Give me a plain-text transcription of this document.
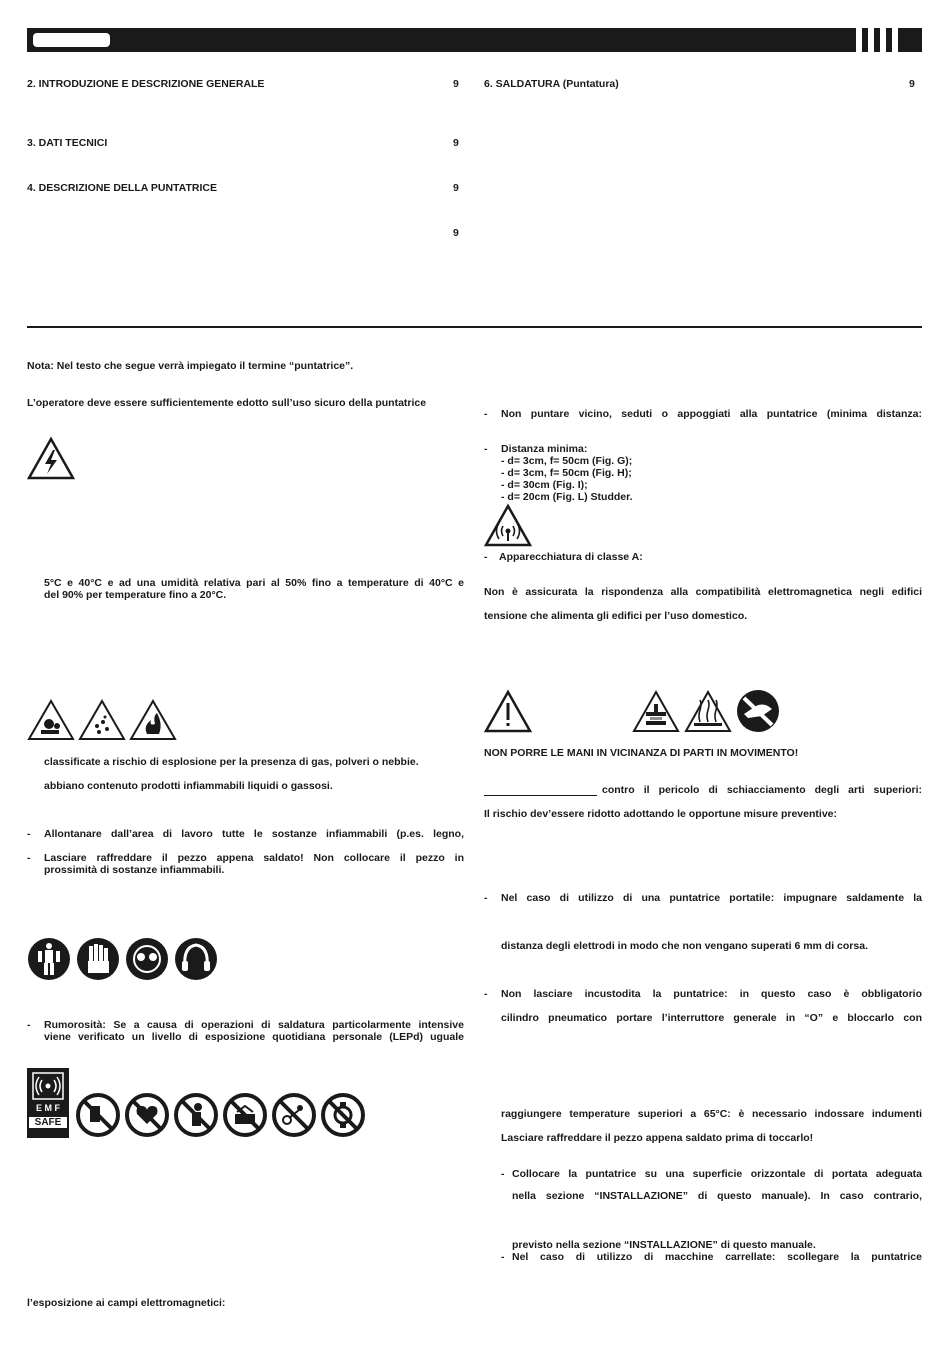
2. INTRODUZIONE E DESCRIZIONE GENERALE	9
3. DATI TECNICI	9
4. DESCRIZIONE DELLA PUNTATRICE	9
9
6. SALDATURA (Puntatura)	9
Nota: Nel testo che segue verrà impiegato il termine “puntatrice”.
L’operatore deve essere sufficientemente edotto sull’uso sicuro della puntatrice
5°C e 40°C e ad una umidità relativa pari al 50% fino a temperature di 40°C e
del 90% per temperature fino a 20°C.
classificate a rischio di esplosione per la presenza di gas, polveri o nebbie.
abbiano contenuto prodotti infiammabili liquidi o gassosi.
- Allontanare dall’area di lavoro tutte le sostanze infiammabili (p.es. legno,
- Lasciare raffreddare il pezzo appena saldato! Non collocare il pezzo in
prossimità di sostanze infiammabili.
- Rumorosità: Se a causa di operazioni di saldatura particolarmente intensive
viene verificato un livello di esposizione quotidiana personale (LEPd) uguale
E M F
SAFE
l’esposizione ai campi elettromagnetici:
- Non puntare vicino, seduti o appoggiati alla puntatrice (minima distanza:
- Distanza minima:
- d= 3cm, f= 50cm (Fig. G);
- d= 3cm, f= 50cm (Fig. H);
- d= 30cm (Fig. I);
- d= 20cm (Fig. L) Studder.
- Apparecchiatura di classe A:
Non è assicurata la rispondenza alla compatibilità elettromagnetica negli edifici
tensione che alimenta gli edifici per l’uso domestico.
NON PORRE LE MANI IN VICINANZA DI PARTI IN MOVIMENTO!
contro il pericolo di schiacciamento degli arti superiori:
Il rischio dev’essere ridotto adottando le opportune misure preventive:
- Nel caso di utilizzo di una puntatrice portatile: impugnare saldamente la
distanza degli elettrodi in modo che non vengano superati 6 mm di corsa.
- Non lasciare incustodita la puntatrice: in questo caso è obbligatorio
cilindro pneumatico portare l’interruttore generale in “O” e bloccarlo con
raggiungere temperature superiori a 65°C: è necessario indossare indumenti
Lasciare raffreddare il pezzo appena saldato prima di toccarlo!
- Collocare la puntatrice su una superficie orizzontale di portata adeguata
nella sezione “INSTALLAZIONE” di questo manuale). In caso contrario,
previsto nella sezione “INSTALLAZIONE” di questo manuale.
- Nel caso di utilizzo di macchine carrellate: scollegare la puntatrice
